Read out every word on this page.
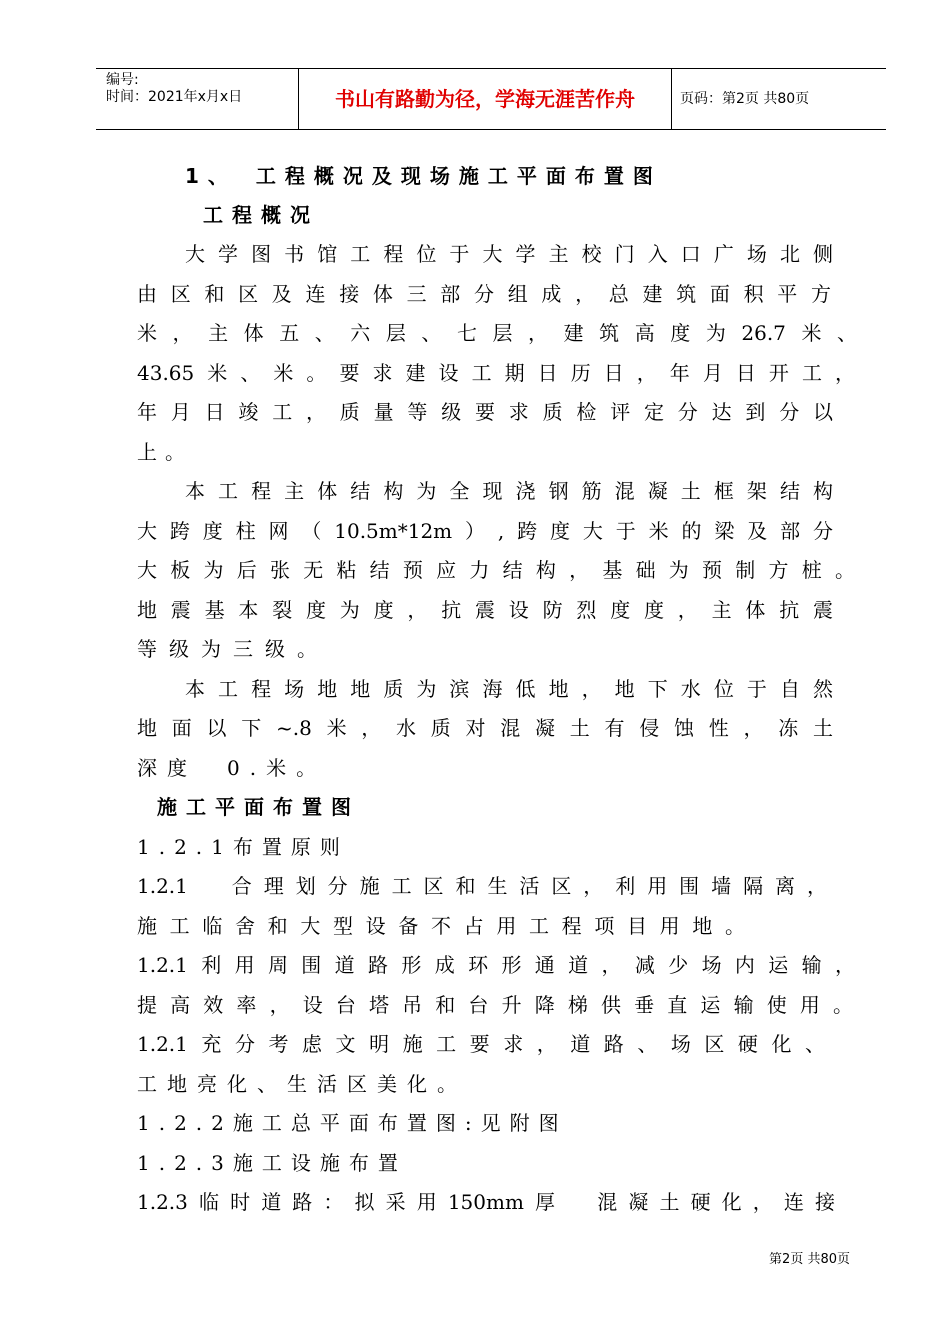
编号:
时间：2021年x月x日	书山有路勤为径，学海无涯苦作舟	页码：第2页 共80页
1、　工程概况及现场施工平面布置图
工程概况
大学图书馆工程位于大学主校门入口广场北侧
由区和区及连接体三部分组成，总建筑面积平方
米，主体五、六层、七层，建筑高度为26.7米、
43.65米、米。要求建设工期日历日，年月日开工，
年月日竣工，质量等级要求质检评定分达到分以
上。
本工程主体结构为全现浇钢筋混凝土框架结构
大跨度柱网（10.5m*12m）,跨度大于米的梁及部分
大板为后张无粘结预应力结构，基础为预制方桩。
地震基本裂度为度，抗震设防烈度度，主体抗震
等级为三级。
本工程场地地质为滨海低地，地下水位于自然
地面以下~.8米，水质对混凝土有侵蚀性，冻土
深度　0.米。
施工平面布置图
1.2.1布置原则
1.2.1　合理划分施工区和生活区，利用围墙隔离，
施工临舍和大型设备不占用工程项目用地。
1.2.1利用周围道路形成环形通道，减少场内运输，
提高效率，设台塔吊和台升降梯供垂直运输使用。
1.2.1充分考虑文明施工要求，道路、场区硬化、
工地亮化、生活区美化。
1.2.2施工总平面布置图:见附图
1.2.3施工设施布置
1.2.3临时道路：拟采用150mm厚　混凝土硬化，连接
第2页 共80页
